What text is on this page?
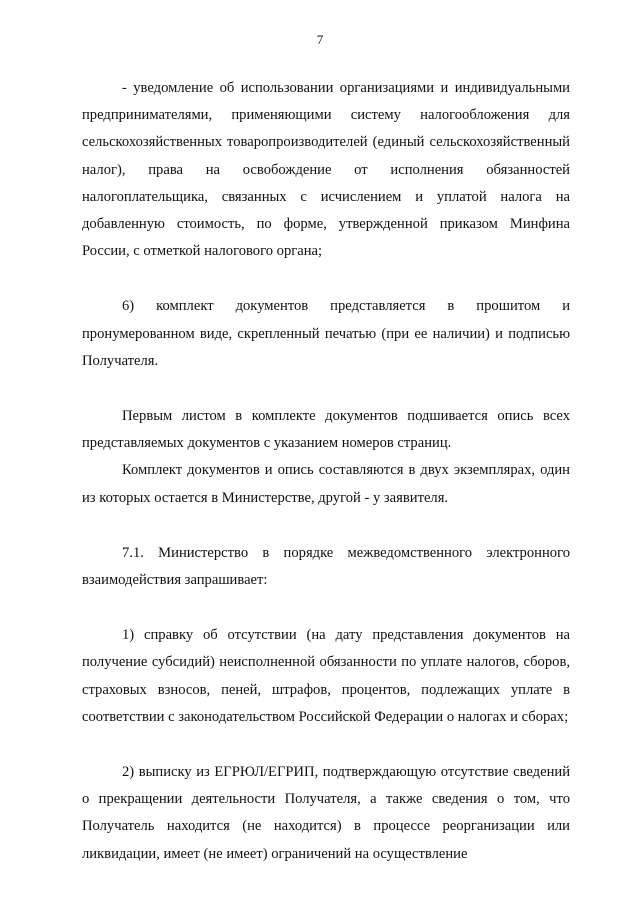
7

- уведомление об использовании организациями и индивидуальными предпринимателями, применяющими систему налогообложения для сельскохозяйственных товаропроизводителей (единый сельскохозяйственный налог), права на освобождение от исполнения обязанностей налогоплательщика, связанных с исчислением и уплатой налога на добавленную стоимость, по форме, утвержденной приказом Минфина России, с отметкой налогового органа;

6) комплект документов представляется в прошитом и пронумерованном виде, скрепленный печатью (при ее наличии) и подписью Получателя.

Первым листом в комплекте документов подшивается опись всех представляемых документов с указанием номеров страниц.

Комплект документов и опись составляются в двух экземплярах, один из которых остается в Министерстве, другой - у заявителя.

7.1. Министерство в порядке межведомственного электронного взаимодействия запрашивает:

1) справку об отсутствии (на дату представления документов на получение субсидий) неисполненной обязанности по уплате налогов, сборов, страховых взносов, пеней, штрафов, процентов, подлежащих уплате в соответствии с законодательством Российской Федерации о налогах и сборах;

2) выписку из ЕГРЮЛ/ЕГРИП, подтверждающую отсутствие сведений о прекращении деятельности Получателя, а также сведения о том, что Получатель находится (не находится) в процессе реорганизации или ликвидации, имеет (не имеет) ограничений на осуществление
